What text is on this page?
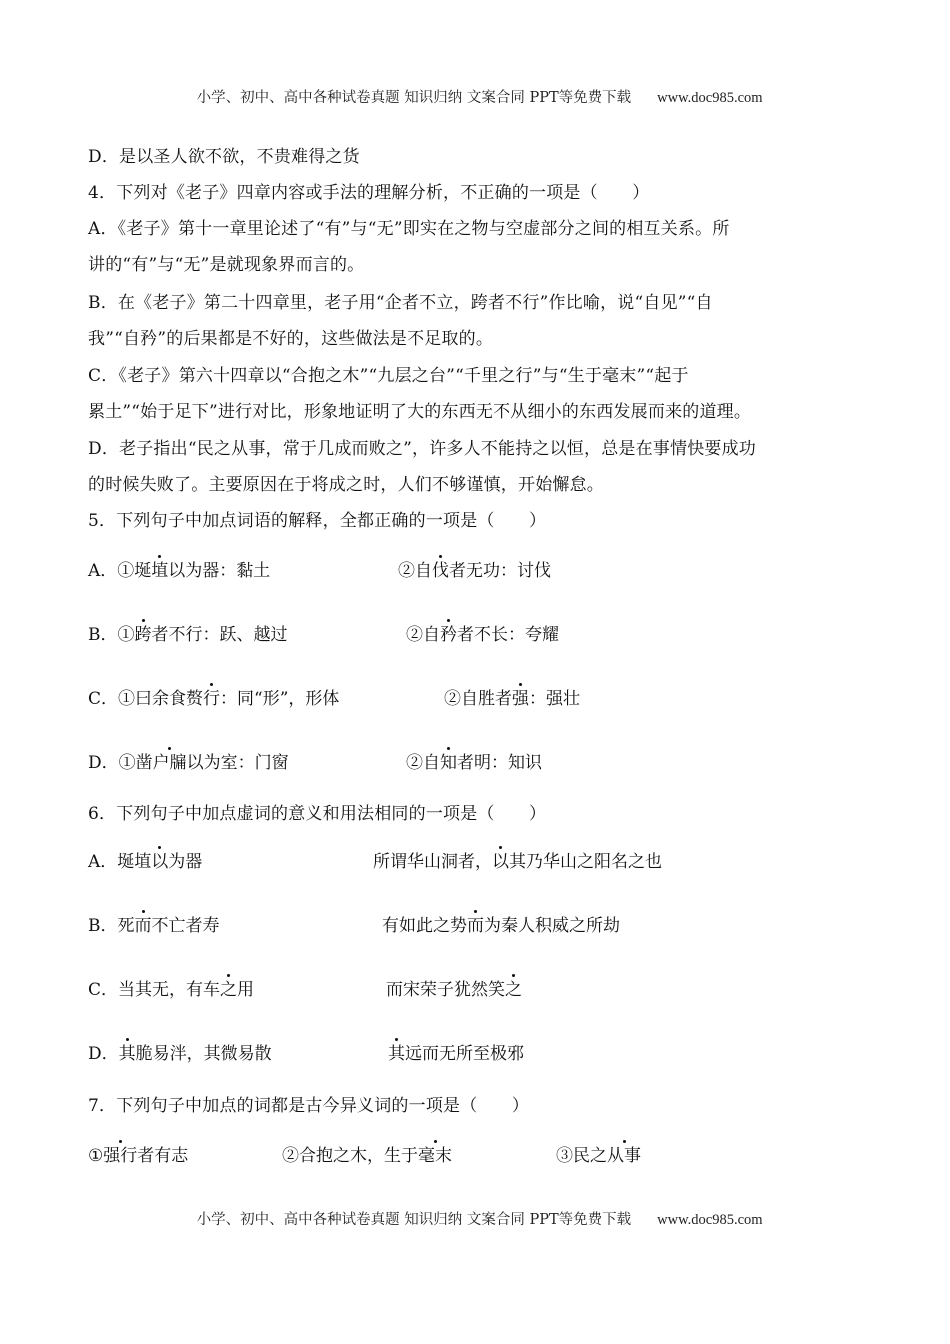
小学、初中、高中各种试卷真题 知识归纳 文案合同 PPT等免费下载 www.doc985.com

D．是以圣人欲不欲，不贵难得之货
4．下列对《老子》四章内容或手法的理解分析，不正确的一项是（　　）
A．《老子》第十一章里论述了“有”与“无”即实在之物与空虚部分之间的相互关系。所
讲的“有”与“无”是就现象界而言的。
B．在《老子》第二十四章里，老子用“企者不立，跨者不行”作比喻，说“自见”“自
我”“自矜”的后果都是不好的，这些做法是不足取的。
C．《老子》第六十四章以“合抱之木”“九层之台”“千里之行”与“生于毫末”“起于
累土”“始于足下”进行对比，形象地证明了大的东西无不从细小的东西发展而来的道理。
D．老子指出“民之从事，常于几成而败之”，许多人不能持之以恒，总是在事情快要成功
的时候失败了。主要原因在于将成之时，人们不够谨慎，开始懈怠。
5．下列句子中加点词语的解释，全都正确的一项是（　　）
A．①埏埴以为器：黏土	②自伐者无功：讨伐
B．①跨者不行：跃、越过	②自矜者不长：夸耀
C．①曰余食赘行：同“形”，形体	②自胜者强：强壮
D．①凿户牖以为室：门窗	②自知者明：知识
6．下列句子中加点虚词的意义和用法相同的一项是（　　）
A．埏埴以为器	所谓华山洞者，以其乃华山之阳名之也
B．死而不亡者寿	有如此之势而为秦人积威之所劫
C．当其无，有车之用	而宋荣子犹然笑之
D．其脆易泮，其微易散	其远而无所至极邪
7．下列句子中加点的词都是古今异义词的一项是（　　）
①强行者有志	②合抱之木，生于毫末	③民之从事

小学、初中、高中各种试卷真题 知识归纳 文案合同 PPT等免费下载 www.doc985.com
